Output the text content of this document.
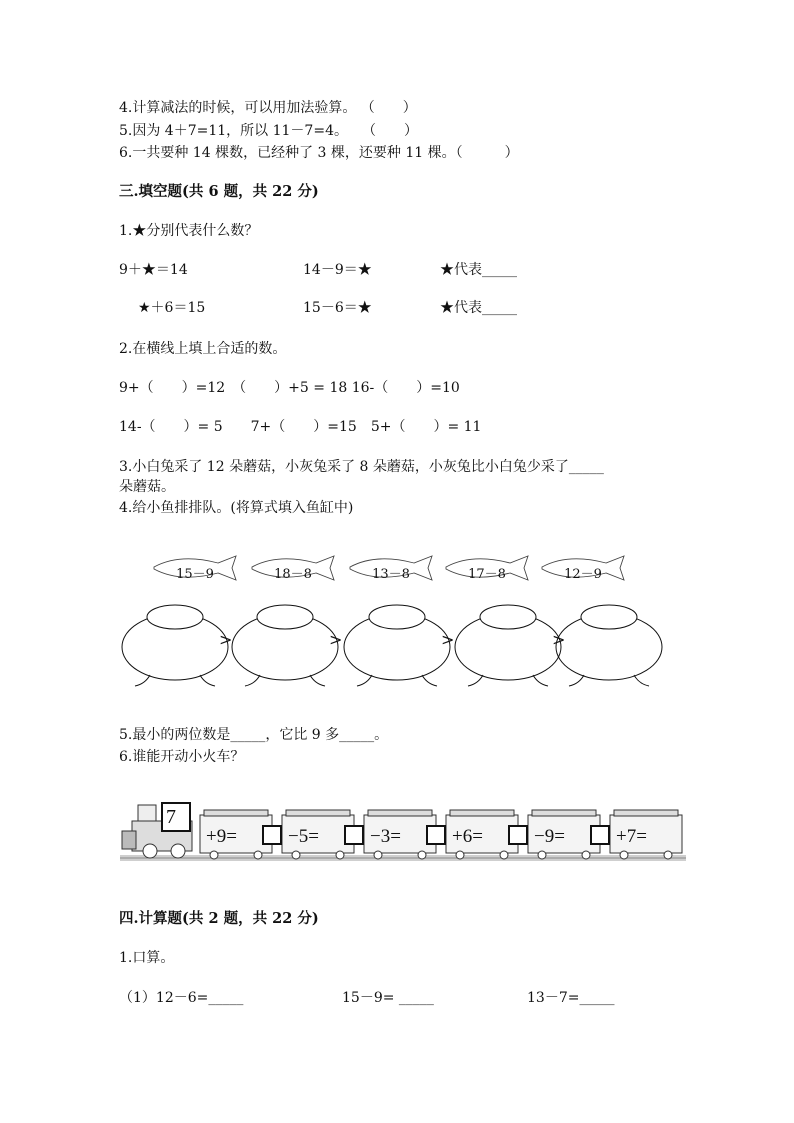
4.计算减法的时候，可以用加法验算。 （　　）
5.因为 4＋7=11，所以 11－7=4。　　（　　）
6.一共要种 14 棵数，已经种了 3 棵，还要种 11 棵。（　　　）
三.填空题(共 6 题，共 22 分)
1.★分别代表什么数？
9＋★＝14	14－9＝★	★代表_____
★＋6＝15	15－6＝★	★代表_____
2.在横线上填上合适的数。
9+（　　）=12　（　　）+5 = 18 16-（　　）=10
14-（　　）= 5　　7+（　　）=15　5+（　　）= 11
3.小白兔采了 12 朵蘑菇，小灰兔采了 8 朵蘑菇，小灰兔比小白兔少采了_____
朵蘑菇。
4.给小鱼排排队。(将算式填入鱼缸中)
15－9	18－8	13－8	17－8	12－9
>	>	>	>
5.最小的两位数是_____，它比 9 多_____。
6.谁能开动小火车？
7
+9=	−5=	−3=	+6=	−9=	+7=
四.计算题(共 2 题，共 22 分)
1.口算。
（1）12－6=_____	15－9= _____	13－7=_____
